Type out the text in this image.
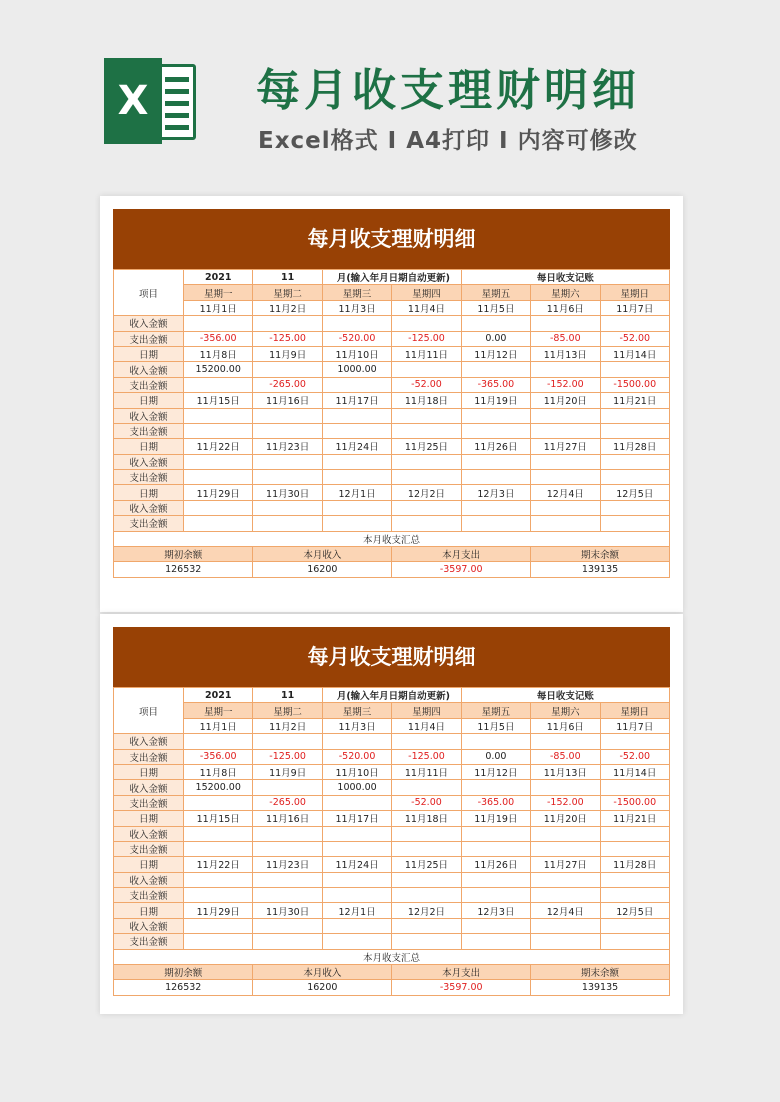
X	每月收支理财明细
Excel格式 I A4打印 I 内容可修改
每月收支理财明细
项目	2021	11	月(输入年月日期自动更新)		每日收支记账		
	星期一	星期二	星期三	星期四	星期五	星期六	星期日
	11月1日	11月2日	11月3日	11月4日	11月5日	11月6日	11月7日
收入金额							
支出金额	-356.00	-125.00	-520.00	-125.00	0.00	-85.00	-52.00
日期	11月8日	11月9日	11月10日	11月11日	11月12日	11月13日	11月14日
收入金额	15200.00		1000.00				
支出金额		-265.00		-52.00	-365.00	-152.00	-1500.00
日期	11月15日	11月16日	11月17日	11月18日	11月19日	11月20日	11月21日
收入金额							
支出金额							
日期	11月22日	11月23日	11月24日	11月25日	11月26日	11月27日	11月28日
收入金额							
支出金额							
日期	11月29日	11月30日	12月1日	12月2日	12月3日	12月4日	12月5日
收入金额							
支出金额							
本月收支汇总							
期初余额		本月收入		本月支出		期末余额	
126532		16200		-3597.00		139135	
每月收支理财明细
项目	2021	11	月(输入年月日期自动更新)		每日收支记账		
	星期一	星期二	星期三	星期四	星期五	星期六	星期日
	11月1日	11月2日	11月3日	11月4日	11月5日	11月6日	11月7日
收入金额							
支出金额	-356.00	-125.00	-520.00	-125.00	0.00	-85.00	-52.00
日期	11月8日	11月9日	11月10日	11月11日	11月12日	11月13日	11月14日
收入金额	15200.00		1000.00				
支出金额		-265.00		-52.00	-365.00	-152.00	-1500.00
日期	11月15日	11月16日	11月17日	11月18日	11月19日	11月20日	11月21日
收入金额							
支出金额							
日期	11月22日	11月23日	11月24日	11月25日	11月26日	11月27日	11月28日
收入金额							
支出金额							
日期	11月29日	11月30日	12月1日	12月2日	12月3日	12月4日	12月5日
收入金额							
支出金额							
本月收支汇总							
期初余额		本月收入		本月支出		期末余额	
126532		16200		-3597.00		139135	
